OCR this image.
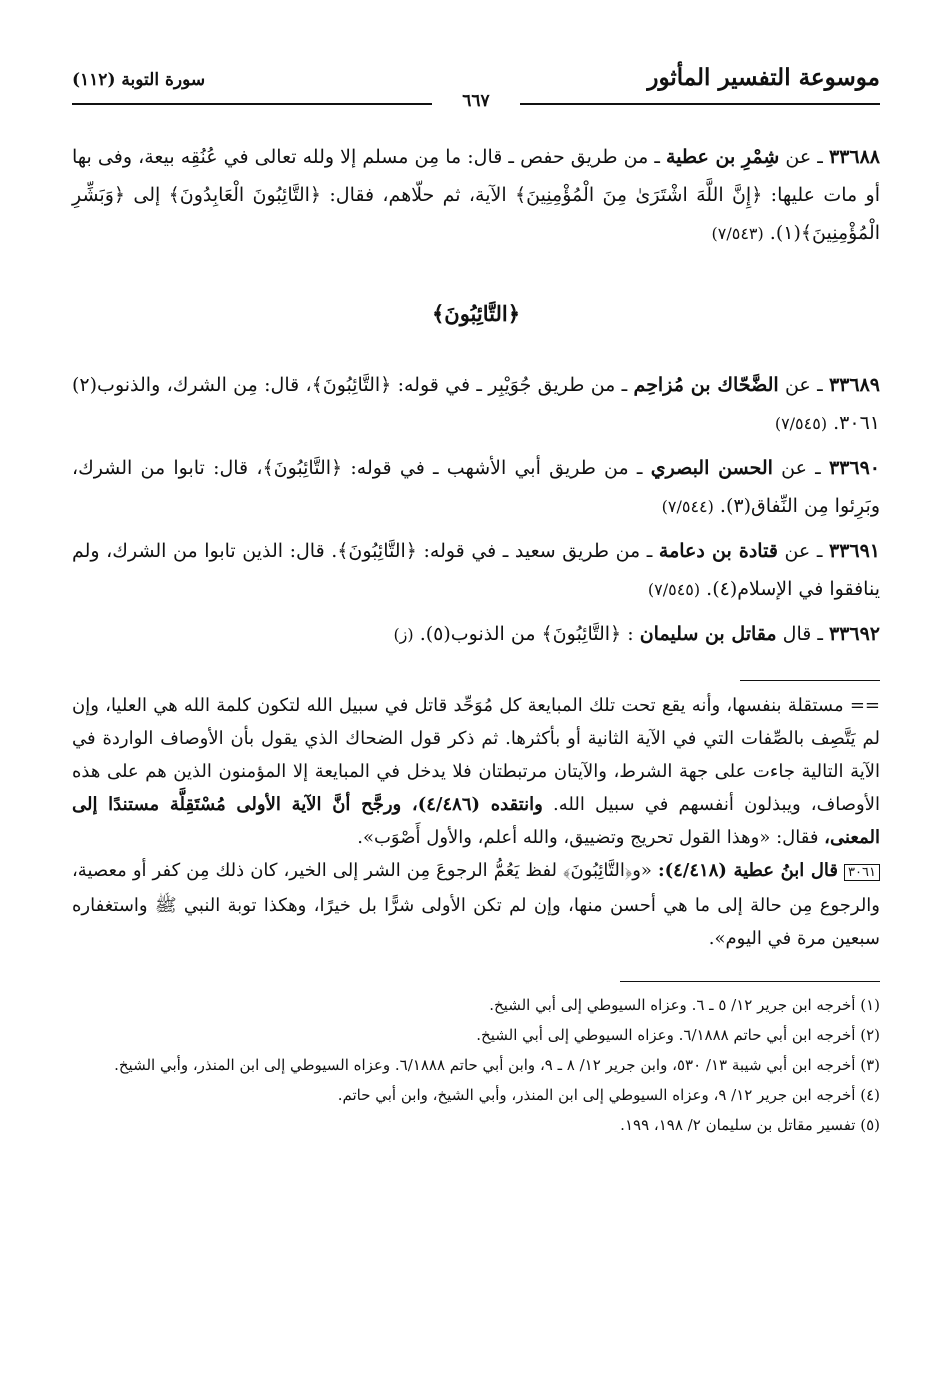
موسوعة التفسير المأثور
سورة التوبة (١١٢)
٦٦٧

٣٣٦٨٨ ـ عن شِمْرِ بن عطية ـ من طريق حفص ـ قال: ما مِن مسلم إلا ولله تعالى في عُنُقِه بيعة، وفى بها أو مات عليها: ﴿إِنَّ اللَّهَ اشْتَرَىٰ مِنَ الْمُؤْمِنِينَ﴾ الآية، ثم حلّاهم، فقال: ﴿التَّائِبُونَ الْعَابِدُونَ﴾ إلى ﴿وَبَشِّرِ الْمُؤْمِنِينَ﴾(١). (٧/٥٤٣)

﴿التَّائِبُونَ﴾

٣٣٦٨٩ ـ عن الضَّحّاك بن مُزاحِم ـ من طريق جُوَيْبِر ـ في قوله: ﴿التَّائِبُونَ﴾، قال: مِن الشرك، والذنوب(٢) ٣٠٦١. (٧/٥٤٥)

٣٣٦٩٠ ـ عن الحسن البصري ـ من طريق أبي الأشهب ـ في قوله: ﴿التَّائِبُونَ﴾، قال: تابوا من الشرك، وبَرِئوا مِن النِّفاق(٣). (٧/٥٤٤)

٣٣٦٩١ ـ عن قتادة بن دعامة ـ من طريق سعيد ـ في قوله: ﴿التَّائِبُونَ﴾. قال: الذين تابوا من الشرك، ولم ينافقوا في الإسلام(٤). (٧/٥٤٥)

٣٣٦٩٢ ـ قال مقاتل بن سليمان : ﴿التَّائِبُونَ﴾ من الذنوب(٥). (ز)

== مستقلة بنفسها، وأنه يقع تحت تلك المبايعة كل مُوَحِّد قاتل في سبيل الله لتكون كلمة الله هي العليا، وإن لم يَتَّصِف بالصِّفات التي في الآية الثانية أو بأكثرها. ثم ذكر قول الضحاك الذي يقول بأن الأوصاف الواردة في الآية التالية جاءت على جهة الشرط، والآيتان مرتبطتان فلا يدخل في المبايعة إلا المؤمنون الذين هم على هذه الأوصاف، ويبذلون أنفسهم في سبيل الله. وانتقده (٤/٤٨٦)، ورجَّح أنَّ الآية الأولى مُسْتَقِلَّة مستندًا إلى المعنى، فقال: «وهذا القول تحريج وتضييق، والله أعلم، والأول أَصْوَب».

٣٠٦١ قال ابنُ عطية (٤/٤١٨): «و﴿التَّائِبُونَ﴾ لفظ يَعُمُّ الرجوعَ مِن الشر إلى الخير، كان ذلك مِن كفر أو معصية، والرجوع مِن حالة إلى ما هي أحسن منها، وإن لم تكن الأولى شرًّا بل خيرًا، وهكذا توبة النبي ﷺ واستغفاره سبعين مرة في اليوم».

(١) أخرجه ابن جرير ١٢/ ٥ ـ ٦. وعزاه السيوطي إلى أبي الشيخ.

(٢) أخرجه ابن أبي حاتم ٦/١٨٨٨. وعزاه السيوطي إلى أبي الشيخ.

(٣) أخرجه ابن أبي شيبة ١٣/ ٥٣٠، وابن جرير ١٢/ ٨ ـ ٩، وابن أبي حاتم ٦/١٨٨٨. وعزاه السيوطي إلى ابن المنذر، وأبي الشيخ.

(٤) أخرجه ابن جرير ١٢/ ٩، وعزاه السيوطي إلى ابن المنذر، وأبي الشيخ، وابن أبي حاتم.

(٥) تفسير مقاتل بن سليمان ٢/ ١٩٨، ١٩٩.
